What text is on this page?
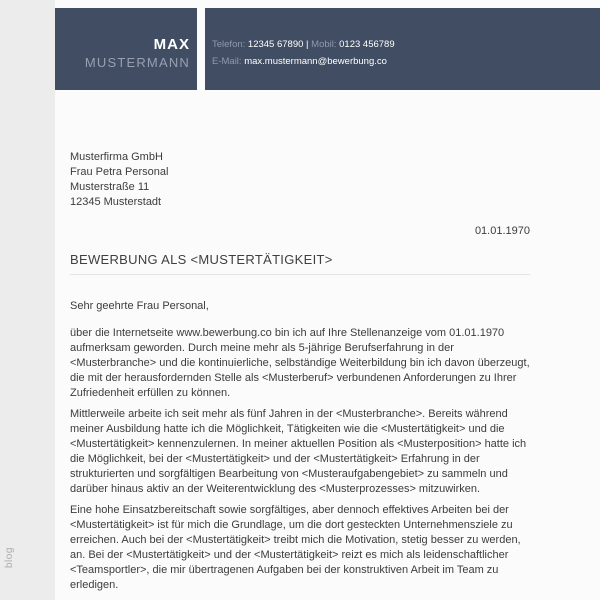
blog
MAX
MUSTERMANN
Telefon: 12345 67890 | Mobil: 0123 456789
E-Mail: max.mustermann@bewerbung.co
Musterfirma GmbH
Frau Petra Personal
Musterstraße 11
12345 Musterstadt
01.01.1970
BEWERBUNG ALS <MUSTERTÄTIGKEIT>

Sehr geehrte Frau Personal,

über die Internetseite www.bewerbung.co bin ich auf Ihre Stellenanzeige vom 01.01.1970 aufmerksam geworden. Durch meine mehr als 5-jährige Berufserfahrung in der <Musterbranche> und die kontinuierliche, selbständige Weiterbildung bin ich davon überzeugt, die mit der herausfordernden Stelle als <Musterberuf> verbundenen Anforderungen zu Ihrer Zufriedenheit erfüllen zu können.

Mittlerweile arbeite ich seit mehr als fünf Jahren in der <Musterbranche>. Bereits während meiner Ausbildung hatte ich die Möglichkeit, Tätigkeiten wie die <Mustertätigkeit> und die <Mustertätigkeit> kennenzulernen. In meiner aktuellen Position als <Musterposition> hatte ich die Möglichkeit, bei der <Mustertätigkeit> und der <Mustertätigkeit> Erfahrung in der strukturierten und sorgfältigen Bearbeitung von <Musteraufgabengebiet> zu sammeln und darüber hinaus aktiv an der Weiterentwicklung des <Musterprozesses> mitzuwirken.

Eine hohe Einsatzbereitschaft sowie sorgfältiges, aber dennoch effektives Arbeiten bei der <Mustertätigkeit> ist für mich die Grundlage, um die dort gesteckten Unternehmensziele zu erreichen. Auch bei der <Mustertätigkeit> treibt mich die Motivation, stetig besser zu werden, an. Bei der <Mustertätigkeit> und der <Mustertätigkeit> reizt es mich als leidenschaftlicher <Teamsportler>, die mir übertragenen Aufgaben bei der konstruktiven Arbeit im Team zu erledigen.
